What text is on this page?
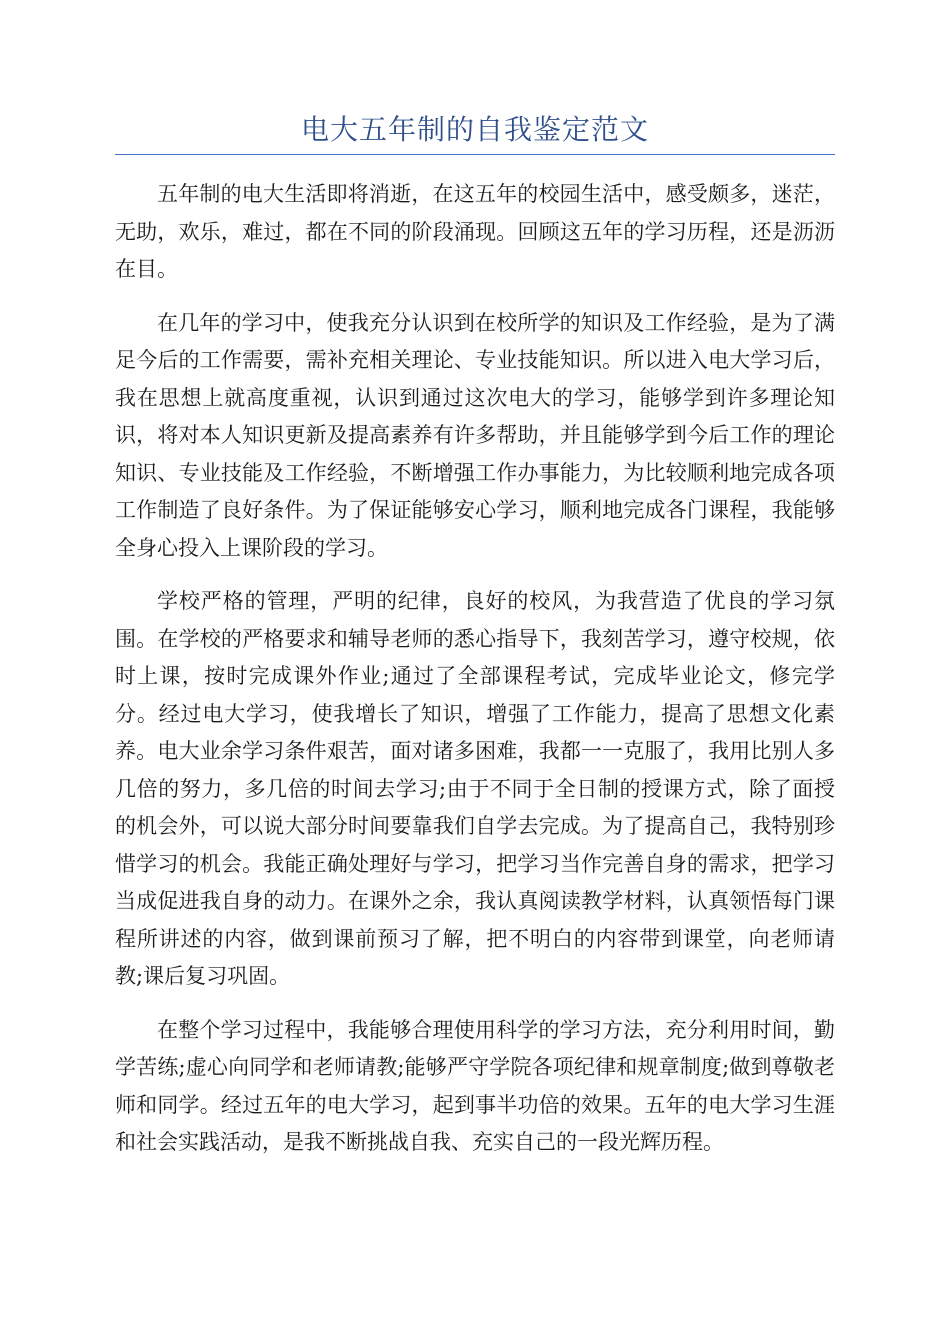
电大五年制的自我鉴定范文

五年制的电大生活即将消逝，在这五年的校园生活中，感受颇多，迷茫，无助，欢乐，难过，都在不同的阶段涌现。回顾这五年的学习历程，还是沥沥在目。

在几年的学习中，使我充分认识到在校所学的知识及工作经验，是为了满足今后的工作需要，需补充相关理论、专业技能知识。所以进入电大学习后，我在思想上就高度重视，认识到通过这次电大的学习，能够学到许多理论知识，将对本人知识更新及提高素养有许多帮助，并且能够学到今后工作的理论知识、专业技能及工作经验，不断增强工作办事能力，为比较顺利地完成各项工作制造了良好条件。为了保证能够安心学习，顺利地完成各门课程，我能够全身心投入上课阶段的学习。

学校严格的管理，严明的纪律，良好的校风，为我营造了优良的学习氛围。在学校的严格要求和辅导老师的悉心指导下，我刻苦学习，遵守校规，依时上课，按时完成课外作业;通过了全部课程考试，完成毕业论文，修完学分。经过电大学习，使我增长了知识，增强了工作能力，提高了思想文化素养。电大业余学习条件艰苦，面对诸多困难，我都一一克服了，我用比别人多几倍的努力，多几倍的时间去学习;由于不同于全日制的授课方式，除了面授的机会外，可以说大部分时间要靠我们自学去完成。为了提高自己，我特别珍惜学习的机会。我能正确处理好与学习，把学习当作完善自身的需求，把学习当成促进我自身的动力。在课外之余，我认真阅读教学材料，认真领悟每门课程所讲述的内容，做到课前预习了解，把不明白的内容带到课堂，向老师请教;课后复习巩固。

在整个学习过程中，我能够合理使用科学的学习方法，充分利用时间，勤学苦练;虚心向同学和老师请教;能够严守学院各项纪律和规章制度;做到尊敬老师和同学。经过五年的电大学习，起到事半功倍的效果。五年的电大学习生涯和社会实践活动，是我不断挑战自我、充实自己的一段光辉历程。
